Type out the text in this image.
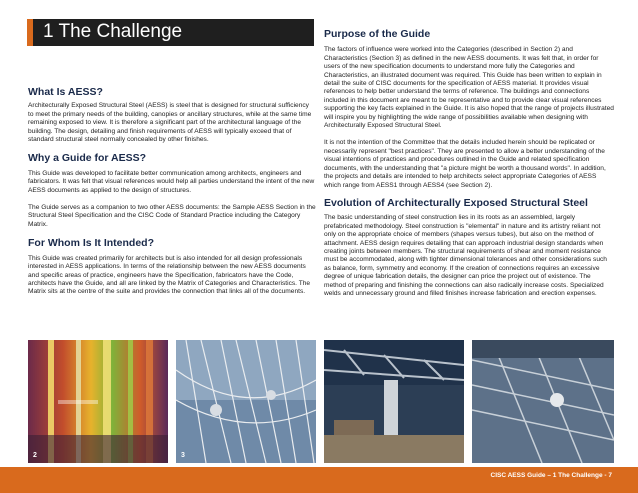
1 The Challenge
What Is AESS?

Architecturally Exposed Structural Steel (AESS) is steel that is designed for structural sufficiency to meet the primary needs of the building, canopies or ancillary structures, while at the same time remaining exposed to view. It is therefore a significant part of the architectural language of the building. The design, detailing and finish requirements of AESS will typically exceed that of standard structural steel normally concealed by other finishes.

Why a Guide for AESS?

This Guide was developed to facilitate better communication among architects, engineers and fabricators. It was felt that visual references would help all parties understand the intent of the new AESS documents as applied to the design of structures.

The Guide serves as a companion to two other AESS documents: the Sample AESS Section in the Structural Steel Specification and the CISC Code of Standard Practice including the Category Matrix.

For Whom Is It Intended?

This Guide was created primarily for architects but is also intended for all design professionals interested in AESS applications. In terms of the relationship between the new AESS documents and specific areas of practice, engineers have the Specification, fabricators have the Code, architects have the Guide, and all are linked by the Matrix of Categories and Characteristics. The Matrix sits at the centre of the suite and provides the connection that links all of the documents.

Purpose of the Guide

The factors of influence were worked into the Categories (described in Section 2) and Characteristics (Section 3) as defined in the new AESS documents. It was felt that, in order for users of the new specification documents to understand more fully the Categories and Characteristics, an illustrated document was required. This Guide has been written to explain in detail the suite of CISC documents for the specification of AESS material. It provides visual references to help better understand the terms of reference. The buildings and connections included in this document are meant to be representative and to provide clear visual references supporting the key facts explained in the Guide. It is also hoped that the range of projects illustrated will inspire you by highlighting the wide range of possibilities available when designing with Architecturally Exposed Structural Steel.

It is not the intention of the Committee that the details included herein should be replicated or necessarily represent "best practices". They are presented to allow a better understanding of the visual intentions of practices and procedures outlined in the Guide and related specification documents, with the understanding that "a picture might be worth a thousand words". In addition, the projects and details are intended to help architects select appropriate Categories of AESS which range from AESS1 through AESS4 (see Section 2).

Evolution of Architecturally Exposed Structural Steel

The basic understanding of steel construction lies in its roots as an assembled, largely prefabricated methodology. Steel construction is "elemental" in nature and its artistry reliant not only on the appropriate choice of members (shapes versus tubes), but also on the method of attachment. AESS design requires detailing that can approach industrial design standards when creating joints between members. The structural requirements of shear and moment resistance must be accommodated, along with tighter dimensional tolerances and other considerations such as balance, form, symmetry and economy. If the creation of connections requires an excessive degree of unique fabrication details, the designer can price the project out of existence. The method of preparing and finishing the connections can also radically increase costs. Specialized welds and unnecessary ground and filled finishes increase fabrication and erection expenses.

2	3
CISC AESS Guide – 1 The Challenge - 7
